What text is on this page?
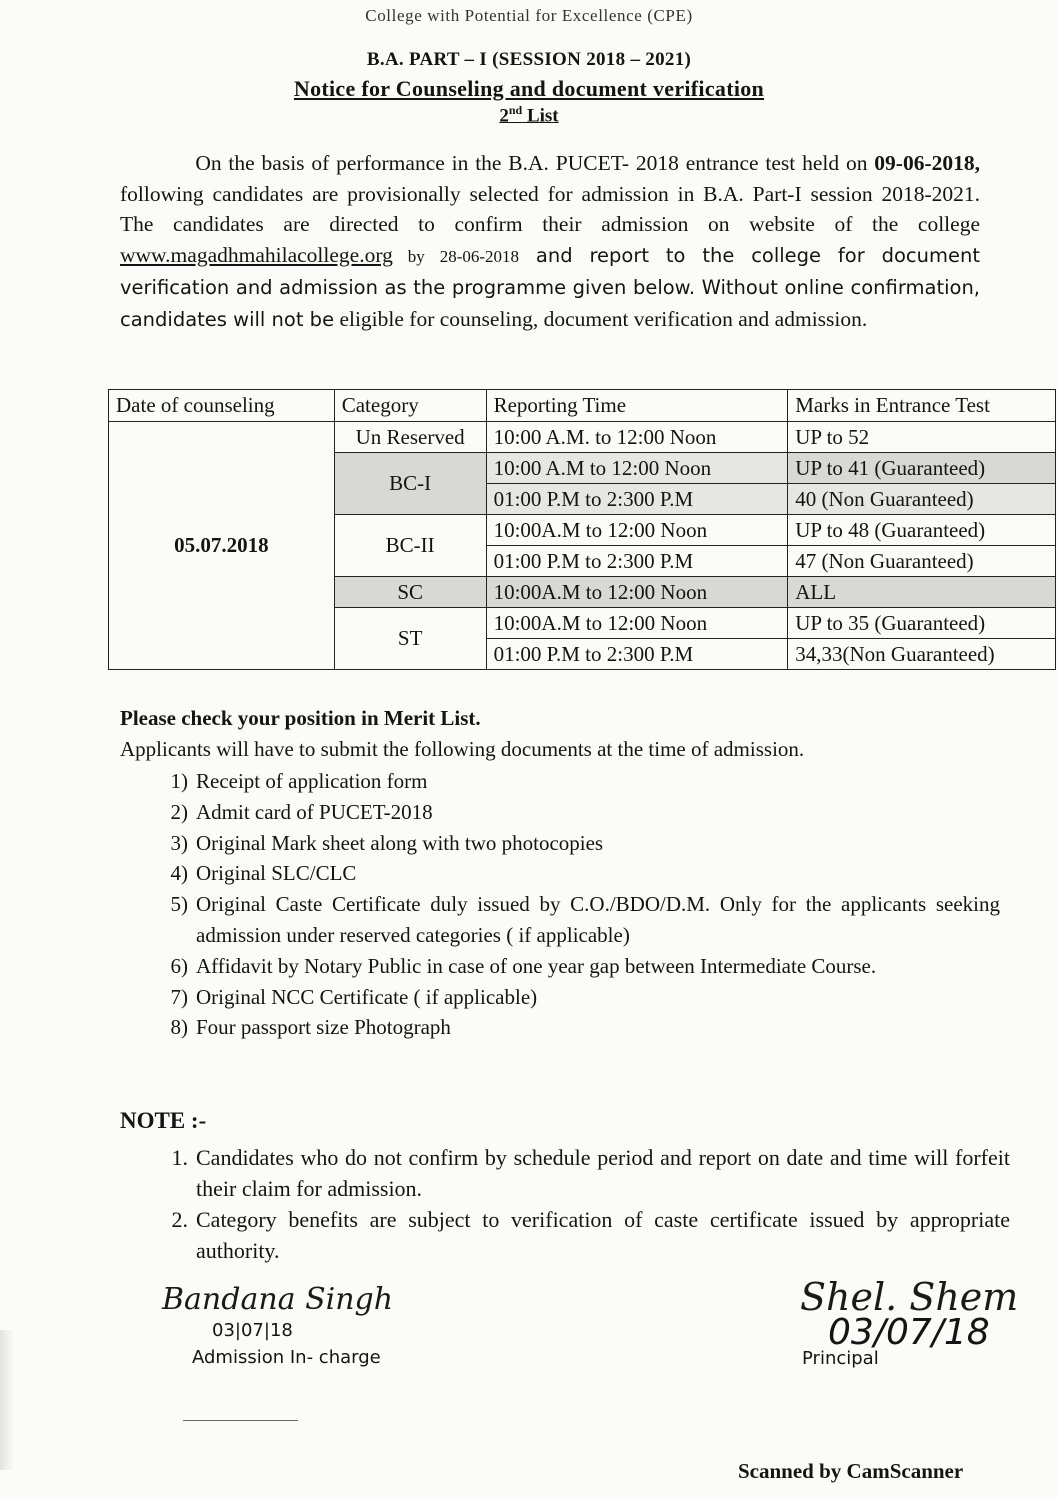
College with Potential for Excellence (CPE)
B.A. PART – I (SESSION 2018 – 2021)
Notice for Counseling and document verification
2nd List

On the basis of performance in the B.A. PUCET- 2018 entrance test held on 09-06-2018, following candidates are provisionally selected for admission in B.A. Part-I session 2018-2021. The candidates are directed to confirm their admission on website of the college www.magadhmahilacollege.org by 28-06-2018 and report to the college for document verification and admission as the programme given below. Without online confirmation, candidates will not be eligible for counseling, document verification and admission.

Date of counseling	Category	Reporting Time	Marks in Entrance Test
05.07.2018	Un Reserved	10:00 A.M. to 12:00 Noon	UP to 52
	BC-I	10:00 A.M to 12:00 Noon	UP to 41 (Guaranteed)
		01:00 P.M to 2:300 P.M	40 (Non Guaranteed)
	BC-II	10:00A.M to 12:00 Noon	UP to 48 (Guaranteed)
		01:00 P.M to 2:300 P.M	47 (Non Guaranteed)
	SC	10:00A.M to 12:00 Noon	ALL
	ST	10:00A.M to 12:00 Noon	UP to 35 (Guaranteed)
		01:00 P.M to 2:300 P.M	34,33(Non Guaranteed)
Please check your position in Merit List.
Applicants will have to submit the following documents at the time of admission.
1) Receipt of application form
2) Admit card of PUCET-2018
3) Original Mark sheet along with two photocopies
4) Original SLC/CLC
5) Original Caste Certificate duly issued by C.O./BDO/D.M. Only for the applicants seeking admission under reserved categories ( if applicable)
6) Affidavit by Notary Public in case of one year gap between Intermediate Course.
7) Original NCC Certificate ( if applicable)
8) Four passport size Photograph
NOTE :-
1. Candidates who do not confirm by schedule period and report on date and time will forfeit their claim for admission.
2. Category benefits are subject to verification of caste certificate issued by appropriate authority.
Bandana Singh
03|07|18
Admission In- charge
Shel. Shem
03/07/18
Principal
Scanned by CamScanner
